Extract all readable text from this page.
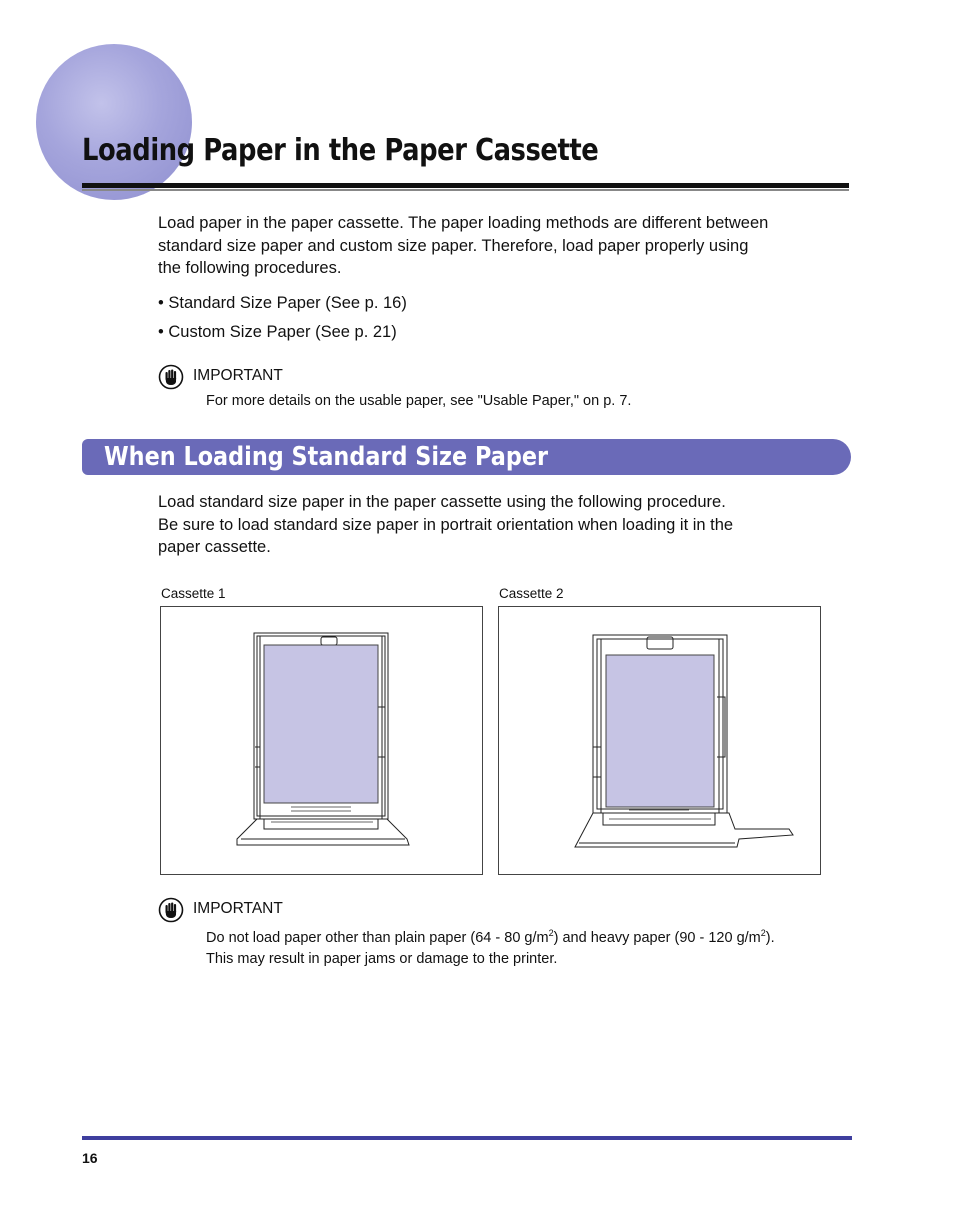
Loading Paper in the Paper Cassette
Load paper in the paper cassette. The paper loading methods are different between
standard size paper and custom size paper. Therefore, load paper properly using
the following procedures.
• Standard Size Paper (See p. 16)
• Custom Size Paper (See p. 21)
IMPORTANT
For more details on the usable paper, see "Usable Paper," on p. 7.
When Loading Standard Size Paper
Load standard size paper in the paper cassette using the following procedure.
Be sure to load standard size paper in portrait orientation when loading it in the
paper cassette.
Cassette 1	Cassette 2
IMPORTANT
Do not load paper other than plain paper (64 - 80 $g/m^2$) and heavy paper (90 - 120 $g/m^2$).
This may result in paper jams or damage to the printer.
16
